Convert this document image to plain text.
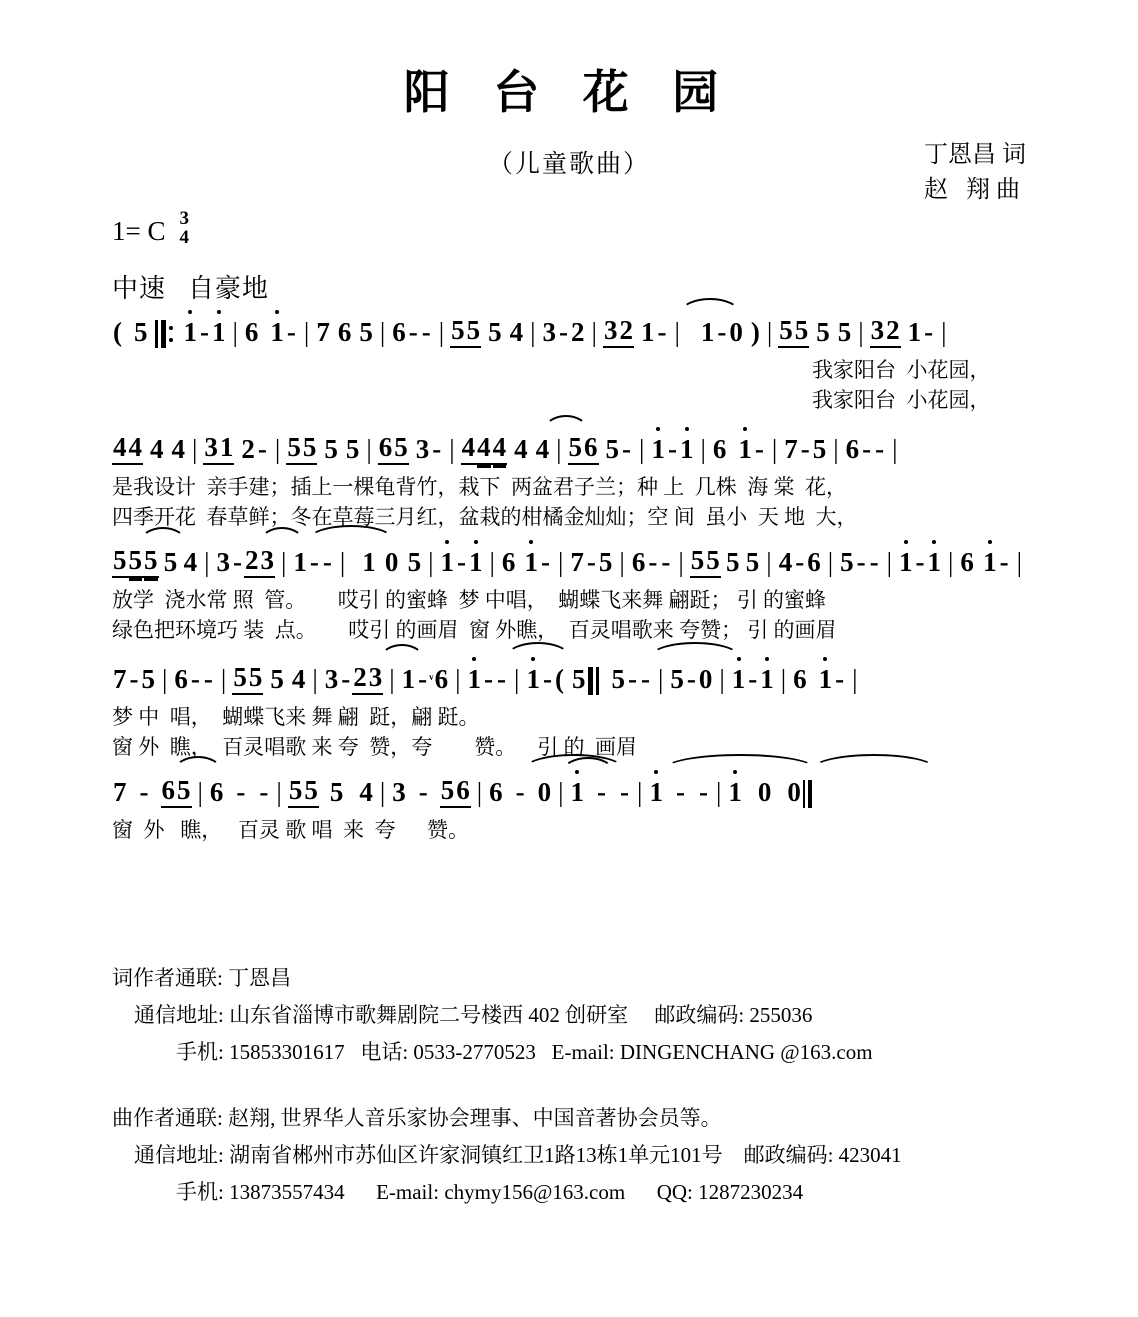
阳 台 花 园
（儿童歌曲）	丁恩昌 词
赵   翔 曲
1= C 3
4
中速 自豪地
( 5 1 - 1 | 6 1 - | 7 6 5 | 6 - - | 5 5 5 4 | 3 - 2 | 3 2 1 - | 1 - 0 ) | 5 5 5 5 | 3 2 1 -
|
我家阳台  小花园，
我家阳台  小花园，
4 4 4 4 | 3 1 2 - | 5 5 5 5 | 6 5 3 - | 4 4 4 4 4 | 5 6 5 - | 1 - 1 | 6 1 - | 7 - 5 | 6 - -
|
是我设计  亲手建；插上一棵龟背竹，栽下  两盆君子兰；种 上  几株  海 棠  花，
四季开花  春草鲜；冬在草莓三月红，盆栽的柑橘金灿灿；空 间  虽小  天 地  大，
5 5 5 5 4 | 3 - 2 3 | 1 - - | 1 0 5 | 1 - 1 | 6 1 - | 7 - 5 | 6 - - | 5 5 5 5 | 4 - 6 | 5 - - | 1 - 1 | 6 1 -
|
放学  浇水常 照  管。      哎引 的蜜蜂  梦 中唱，  蝴蝶飞来舞 翩跹； 引 的蜜蜂
绿色把环境巧 装  点。      哎引 的画眉  窗 外瞧，  百灵唱歌来 夸赞； 引 的画眉
7 - 5 | 6 - - | 5 5 5 4 | 3 - 2 3 | 1 - ᵛ 6 | 1 - - | 1 - ( 5 5 - - | 5 - 0 | 1 - 1 | 6 1 -
|
梦 中  唱，  蝴蝶飞来 舞 翩  跹，翩 跹。
窗 外  瞧，  百灵唱歌 来 夸  赞，夸        赞。    引 的  画眉
7 - 6 5 | 6 - - | 5 5 5 4 | 3 - 5 6 | 6 - 0 | 1 - - | 1 - - | 1 0 0
窗  外   瞧，   百灵 歌 唱  来  夸      赞。
词作者通联: 丁恩昌
通信地址: 山东省淄博市歌舞剧院二号楼西 402 创研室 邮政编码: 255036
手机: 15853301617   电话: 0533-2770523   E-mail: DINGENCHANG @163.com
曲作者通联: 赵翔, 世界华人音乐家协会理事、中国音著协会员等。
通信地址: 湖南省郴州市苏仙区许家洞镇红卫1路13栋1单元101号 邮政编码: 423041
手机: 13873557434      E-mail: chymy156@163.com      QQ: 1287230234
